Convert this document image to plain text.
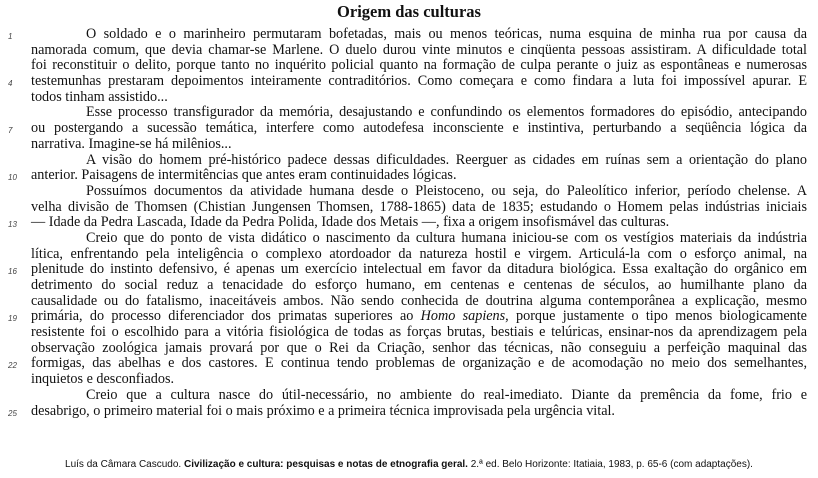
Origem das culturas
1	O soldado e o marinheiro permutaram bofetadas, mais ou menos teóricas, numa esquina de minha rua por causa da
namorada comum, que devia chamar-se Marlene. O duelo durou vinte minutos e cinqüenta pessoas assistiram. A dificuldade total
foi reconstituir o delito, porque tanto no inquérito policial quanto na formação de culpa perante o juiz as espontâneas e numerosas
4	testemunhas prestaram depoimentos inteiramente contraditórios. Como começara e como findara a luta foi impossível apurar. E
todos tinham assistido...
Esse processo transfigurador da memória, desajustando e confundindo os elementos formadores do episódio, antecipando
7	ou postergando a sucessão temática, interfere como autodefesa inconsciente e instintiva, perturbando a seqüência lógica da
narrativa. Imagine-se há milênios...
A visão do homem pré-histórico padece dessas dificuldades. Reerguer as cidades em ruínas sem a orientação do plano
10 anterior. Paisagens de intermitências que antes eram continuidades lógicas.
Possuímos documentos da atividade humana desde o Pleistoceno, ou seja, do Paleolítico inferior, período chelense. A
velha divisão de Thomsen (Chistian Jungensen Thomsen, 1788-1865) data de 1835; estudando o Homem pelas indústrias iniciais
13 — Idade da Pedra Lascada, Idade da Pedra Polida, Idade dos Metais —, fixa a origem insofismável das culturas.
Creio que do ponto de vista didático o nascimento da cultura humana iniciou-se com os vestígios materiais da indústria
lítica, enfrentando pela inteligência o complexo atordoador da natureza hostil e virgem. Articulá-la com o esforço animal, na
16 plenitude do instinto defensivo, é apenas um exercício intelectual em favor da ditadura biológica. Essa exaltação do orgânico em
detrimento do social reduz a tenacidade do esforço humano, em centenas e centenas de séculos, ao humilhante plano da
causalidade ou do fatalismo, inaceitáveis ambos. Não sendo conhecida de doutrina alguma contemporânea a explicação, mesmo
19 primária, do processo diferenciador dos primatas superiores ao Homo sapiens, porque justamente o tipo menos biologicamente
resistente foi o escolhido para a vitória fisiológica de todas as forças brutas, bestiais e telúricas, ensinar-nos da aprendizagem pela
observação zoológica jamais provará por que o Rei da Criação, senhor das técnicas, não conseguiu a perfeição maquinal das
22 formigas, das abelhas e dos castores. E continua tendo problemas de organização e de acomodação no meio dos semelhantes,
inquietos e desconfiados.
Creio que a cultura nasce do útil-necessário, no ambiente do real-imediato. Diante da premência da fome, frio e
25 desabrigo, o primeiro material foi o mais próximo e a primeira técnica improvisada pela urgência vital.
Luís da Câmara Cascudo. Civilização e cultura: pesquisas e notas de etnografia geral. 2.ª ed. Belo Horizonte: Itatiaia, 1983, p. 65-6 (com adaptações).
